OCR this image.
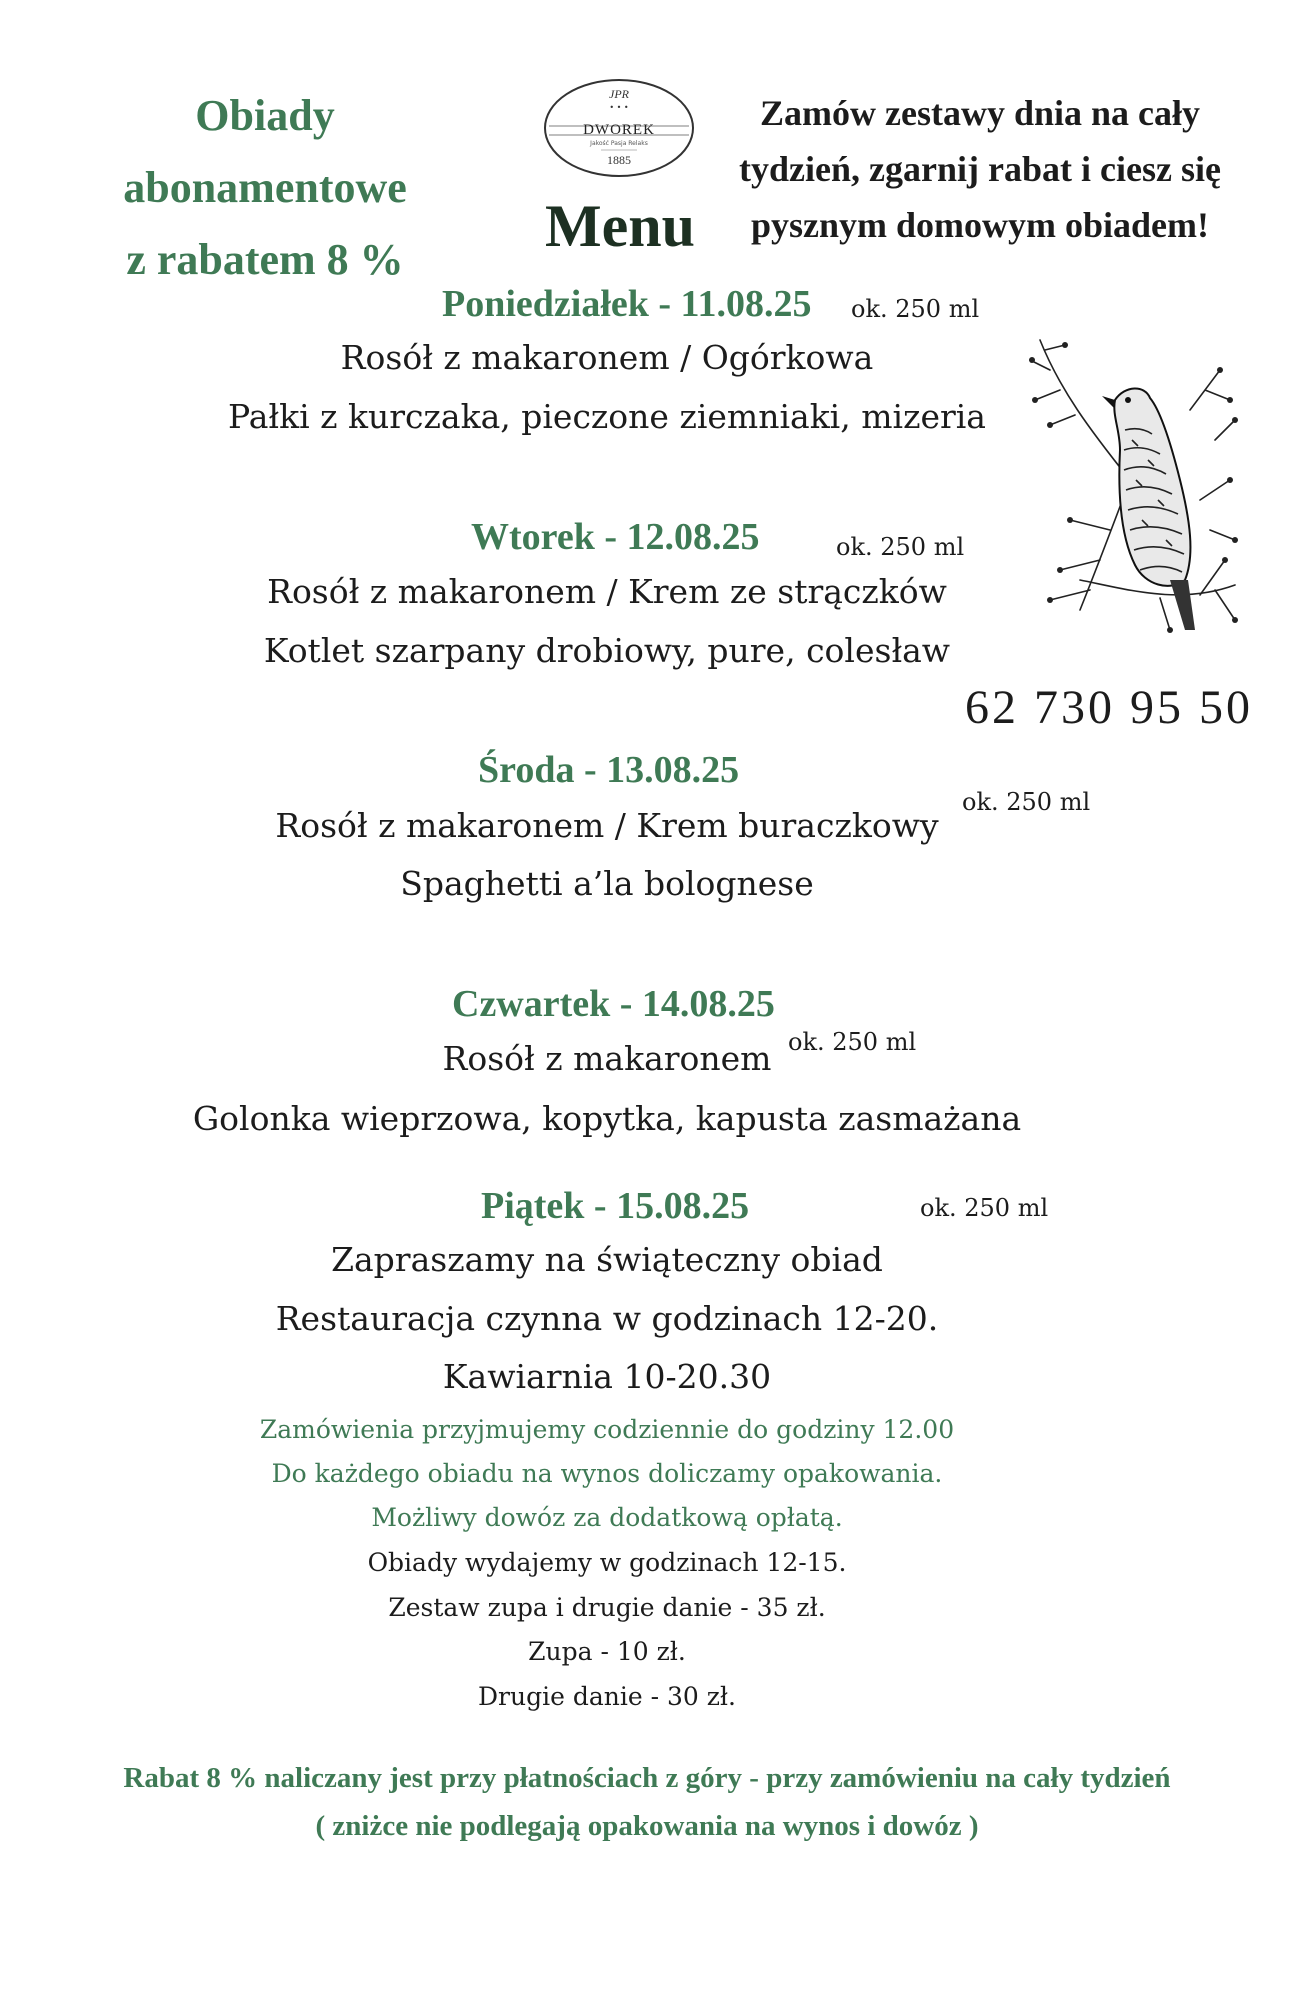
Obiady
abonamentowe
z rabatem 8 %
JPR
• • •
DWOREK
Jakość Pasja Relaks
1885
Menu
Zamów zestawy dnia na cały
tydzień, zgarnij rabat i ciesz się
pysznym domowym obiadem!
62 730 95 50
Poniedziałek - 11.08.25 ok. 250 ml
Rosół z makaronem / Ogórkowa
Pałki z kurczaka, pieczone ziemniaki, mizeria
Wtorek - 12.08.25	ok. 250 ml
Rosół z makaronem / Krem ze strączków
Kotlet szarpany drobiowy, pure, colesław
Środa - 13.08.25
ok. 250 ml
Rosół z makaronem / Krem buraczkowy
Spaghetti a’la bolognese
Czwartek - 14.08.25
ok. 250 ml
Rosół z makaronem
Golonka wieprzowa, kopytka, kapusta zasmażana
Piątek - 15.08.25	ok. 250 ml
Zapraszamy na świąteczny obiad
Restauracja czynna w godzinach 12-20.
Kawiarnia 10-20.30
Zamówienia przyjmujemy codziennie do godziny 12.00
Do każdego obiadu na wynos doliczamy opakowania.
Możliwy dowóz za dodatkową opłatą.
Obiady wydajemy w godzinach 12-15.
Zestaw zupa i drugie danie - 35 zł.
Zupa - 10 zł.
Drugie danie - 30 zł.
Rabat 8 % naliczany jest przy płatnościach z góry - przy zamówieniu na cały tydzień
( zniżce nie podlegają opakowania na wynos i dowóz )
